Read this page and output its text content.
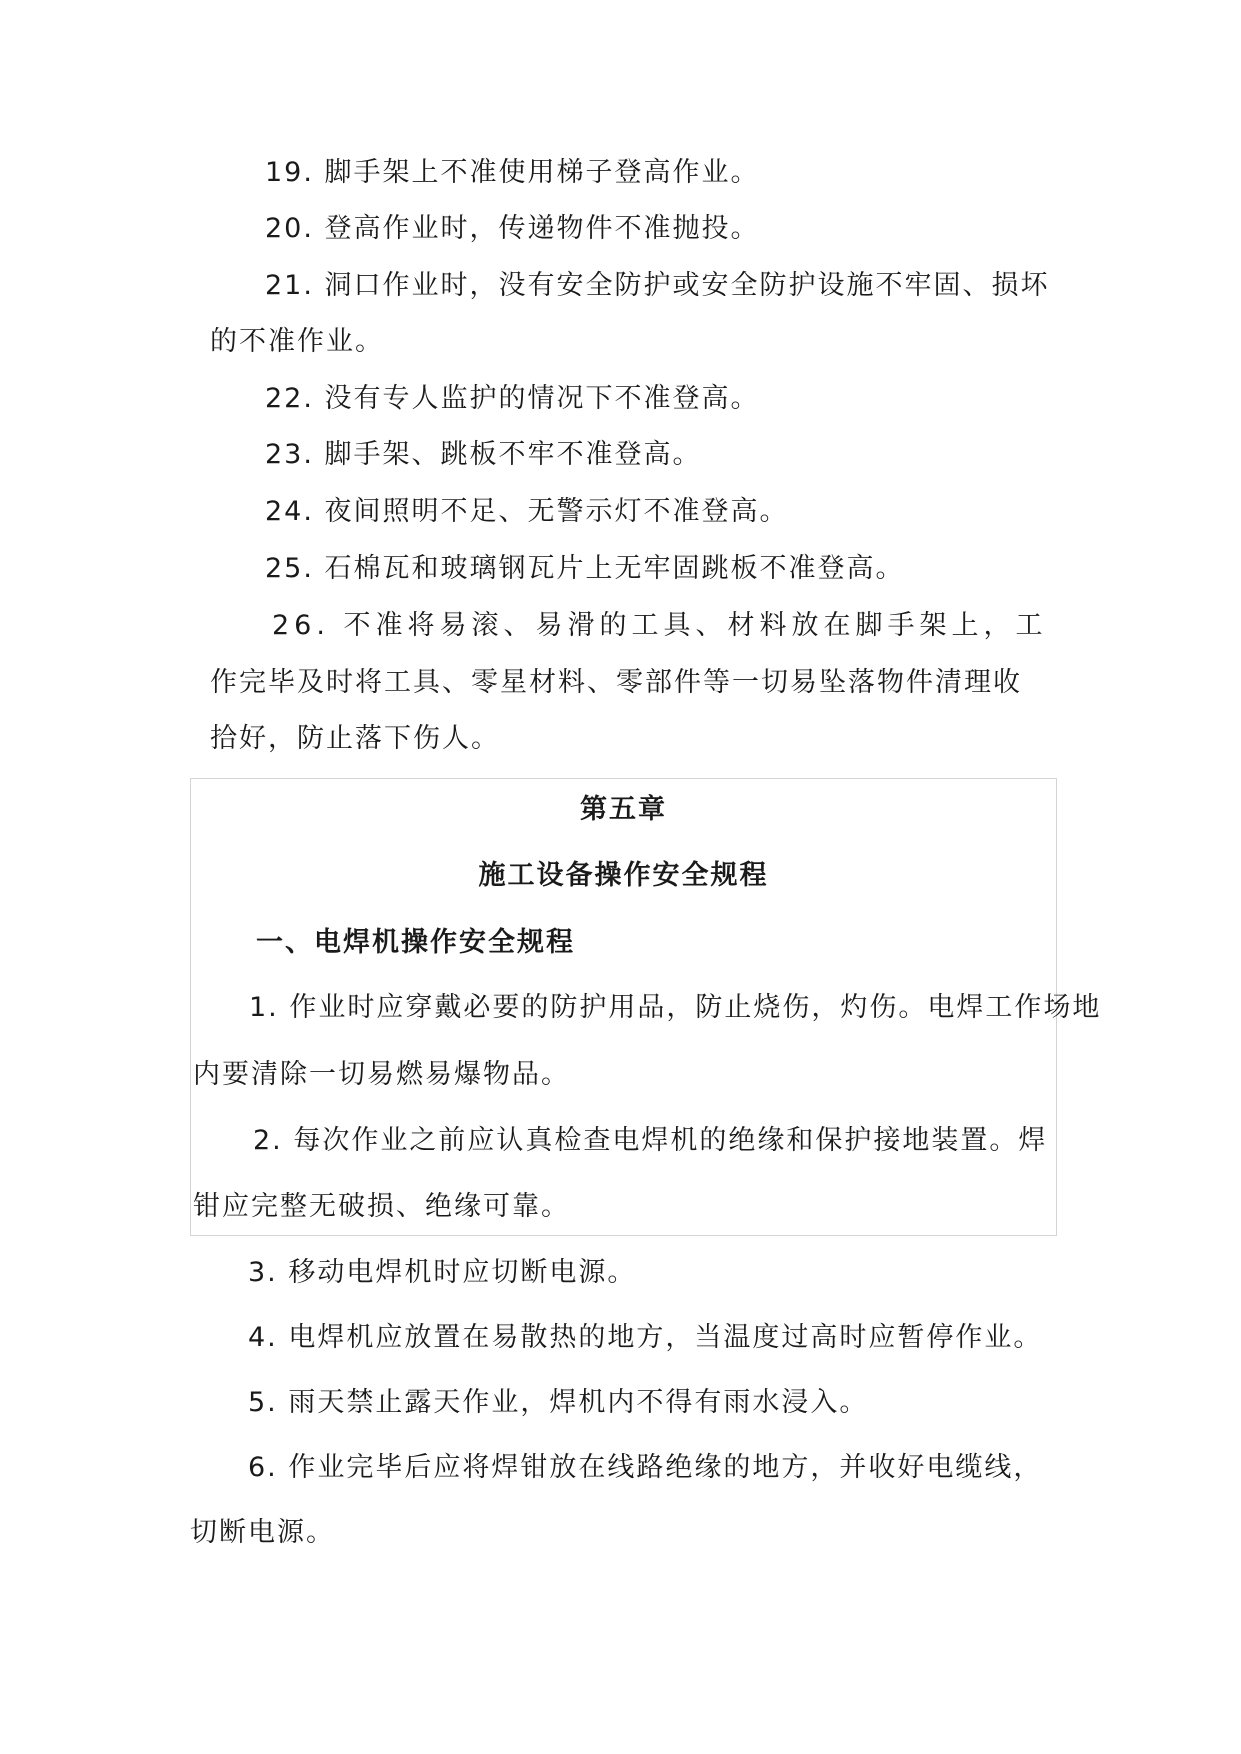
19. 脚手架上不准使用梯子登高作业。
20. 登高作业时，传递物件不准抛投。
21. 洞口作业时，没有安全防护或安全防护设施不牢固、损坏
的不准作业。
22. 没有专人监护的情况下不准登高。
23. 脚手架、跳板不牢不准登高。
24. 夜间照明不足、无警示灯不准登高。
25. 石棉瓦和玻璃钢瓦片上无牢固跳板不准登高。
26. 不准将易滚、易滑的工具、材料放在脚手架上，工
作完毕及时将工具、零星材料、零部件等一切易坠落物件清理收
拾好，防止落下伤人。
第五章
施工设备操作安全规程
一、电焊机操作安全规程
1. 作业时应穿戴必要的防护用品，防止烧伤，灼伤。电焊工作场地
内要清除一切易燃易爆物品。
2. 每次作业之前应认真检查电焊机的绝缘和保护接地装置。焊
钳应完整无破损、绝缘可靠。
3. 移动电焊机时应切断电源。
4. 电焊机应放置在易散热的地方，当温度过高时应暂停作业。
5. 雨天禁止露天作业，焊机内不得有雨水浸入。
6. 作业完毕后应将焊钳放在线路绝缘的地方，并收好电缆线，
切断电源。
